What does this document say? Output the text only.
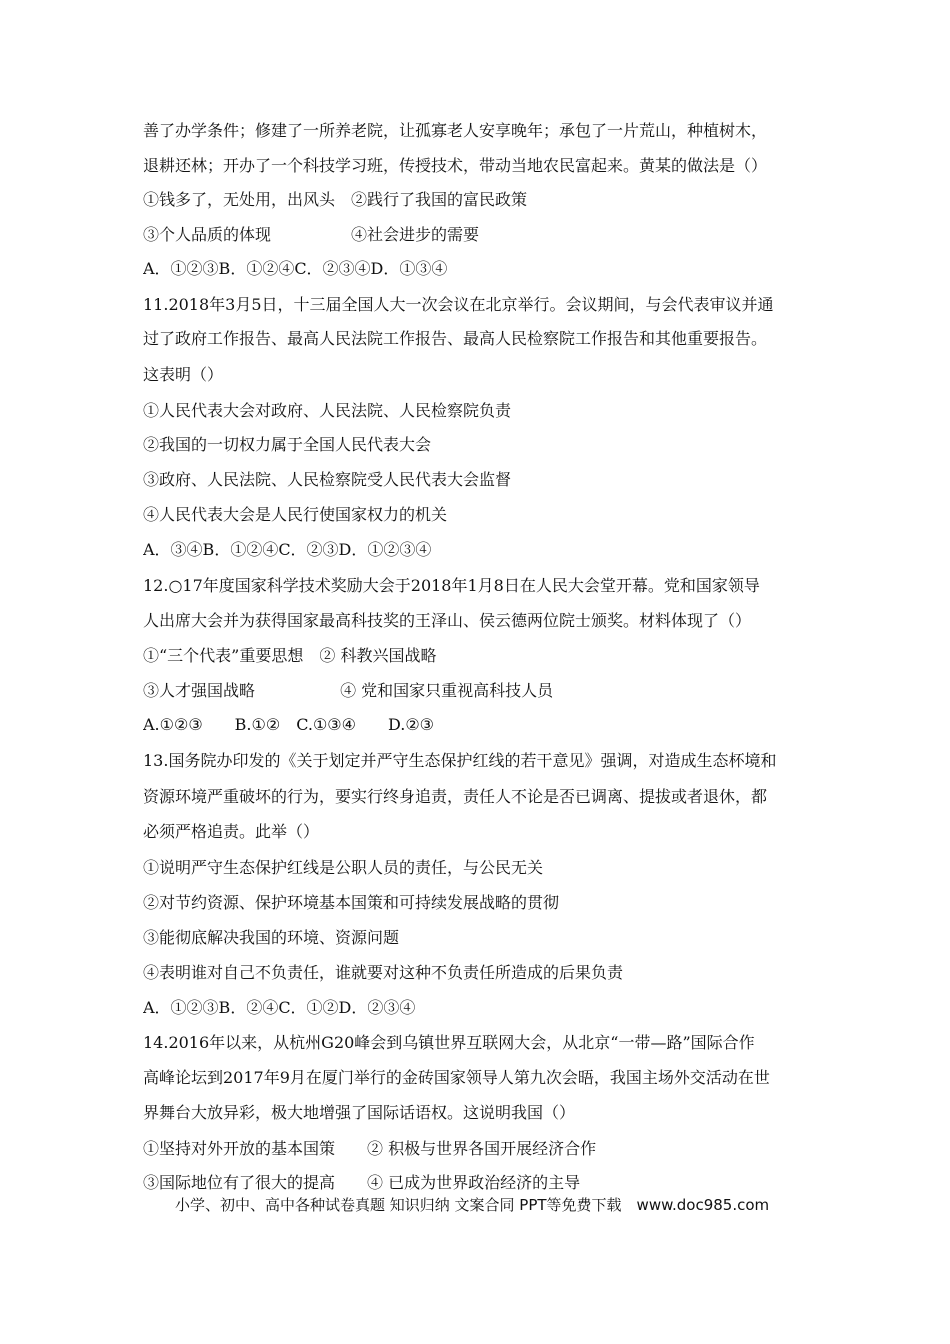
善了办学条件；修建了一所养老院，让孤寡老人安享晚年；承包了一片荒山，种植树木，
退耕还林；开办了一个科技学习班，传授技术，带动当地农民富起来。黄某的做法是（）
①钱多了，无处用，出风头　②践行了我国的富民政策
③个人品质的体现　　　　　④社会进步的需要
A．①②③B．①②④C．②③④D．①③④
11.2018年3月5日，十三届全国人大一次会议在北京举行。会议期间，与会代表审议并通
过了政府工作报告、最高人民法院工作报告、最高人民检察院工作报告和其他重要报告。
这表明（）
①人民代表大会对政府、人民法院、人民检察院负责
②我国的一切权力属于全国人民代表大会
③政府、人民法院、人民检察院受人民代表大会监督
④人民代表大会是人民行使国家权力的机关
A．③④B．①②④C．②③D．①②③④
12.○17年度国家科学技术奖励大会于2018年1月8日在人民大会堂开幕。党和国家领导
人出席大会并为获得国家最高科技奖的王泽山、侯云德两位院士颁奖。材料体现了（）
①“三个代表”重要思想　② 科教兴国战略
③人才强国战略　　　　　 ④ 党和国家只重视高科技人员
A.①②③　　B.①②　C.①③④　　D.②③
13.国务院办印发的《关于划定并严守生态保护红线的若干意见》强调，对造成生态杯境和
资源环境严重破坏的行为，要实行终身追责，责任人不论是否已调离、提拔或者退休，都
必须严格追责。此举（）
①说明严守生态保护红线是公职人员的责任，与公民无关
②对节约资源、保护环境基本国策和可持续发展战略的贯彻
③能彻底解决我国的环境、资源问题
④表明谁对自己不负责任，谁就要对这种不负责任所造成的后果负责
A．①②③B．②④C．①②D．②③④
14.2016年以来，从杭州G20峰会到乌镇世界互联网大会，从北京“一带—路”国际合作
高峰论坛到2017年9月在厦门举行的金砖国家领导人第九次会晤，我国主场外交活动在世
界舞台大放异彩，极大地增强了国际话语权。这说明我国（）
①坚持对外开放的基本国策　　② 积极与世界各国开展经济合作
③国际地位有了很大的提高　　④ 已成为世界政治经济的主导
小学、初中、高中各种试卷真题 知识归纳 文案合同 PPT等免费下载　www.doc985.com
